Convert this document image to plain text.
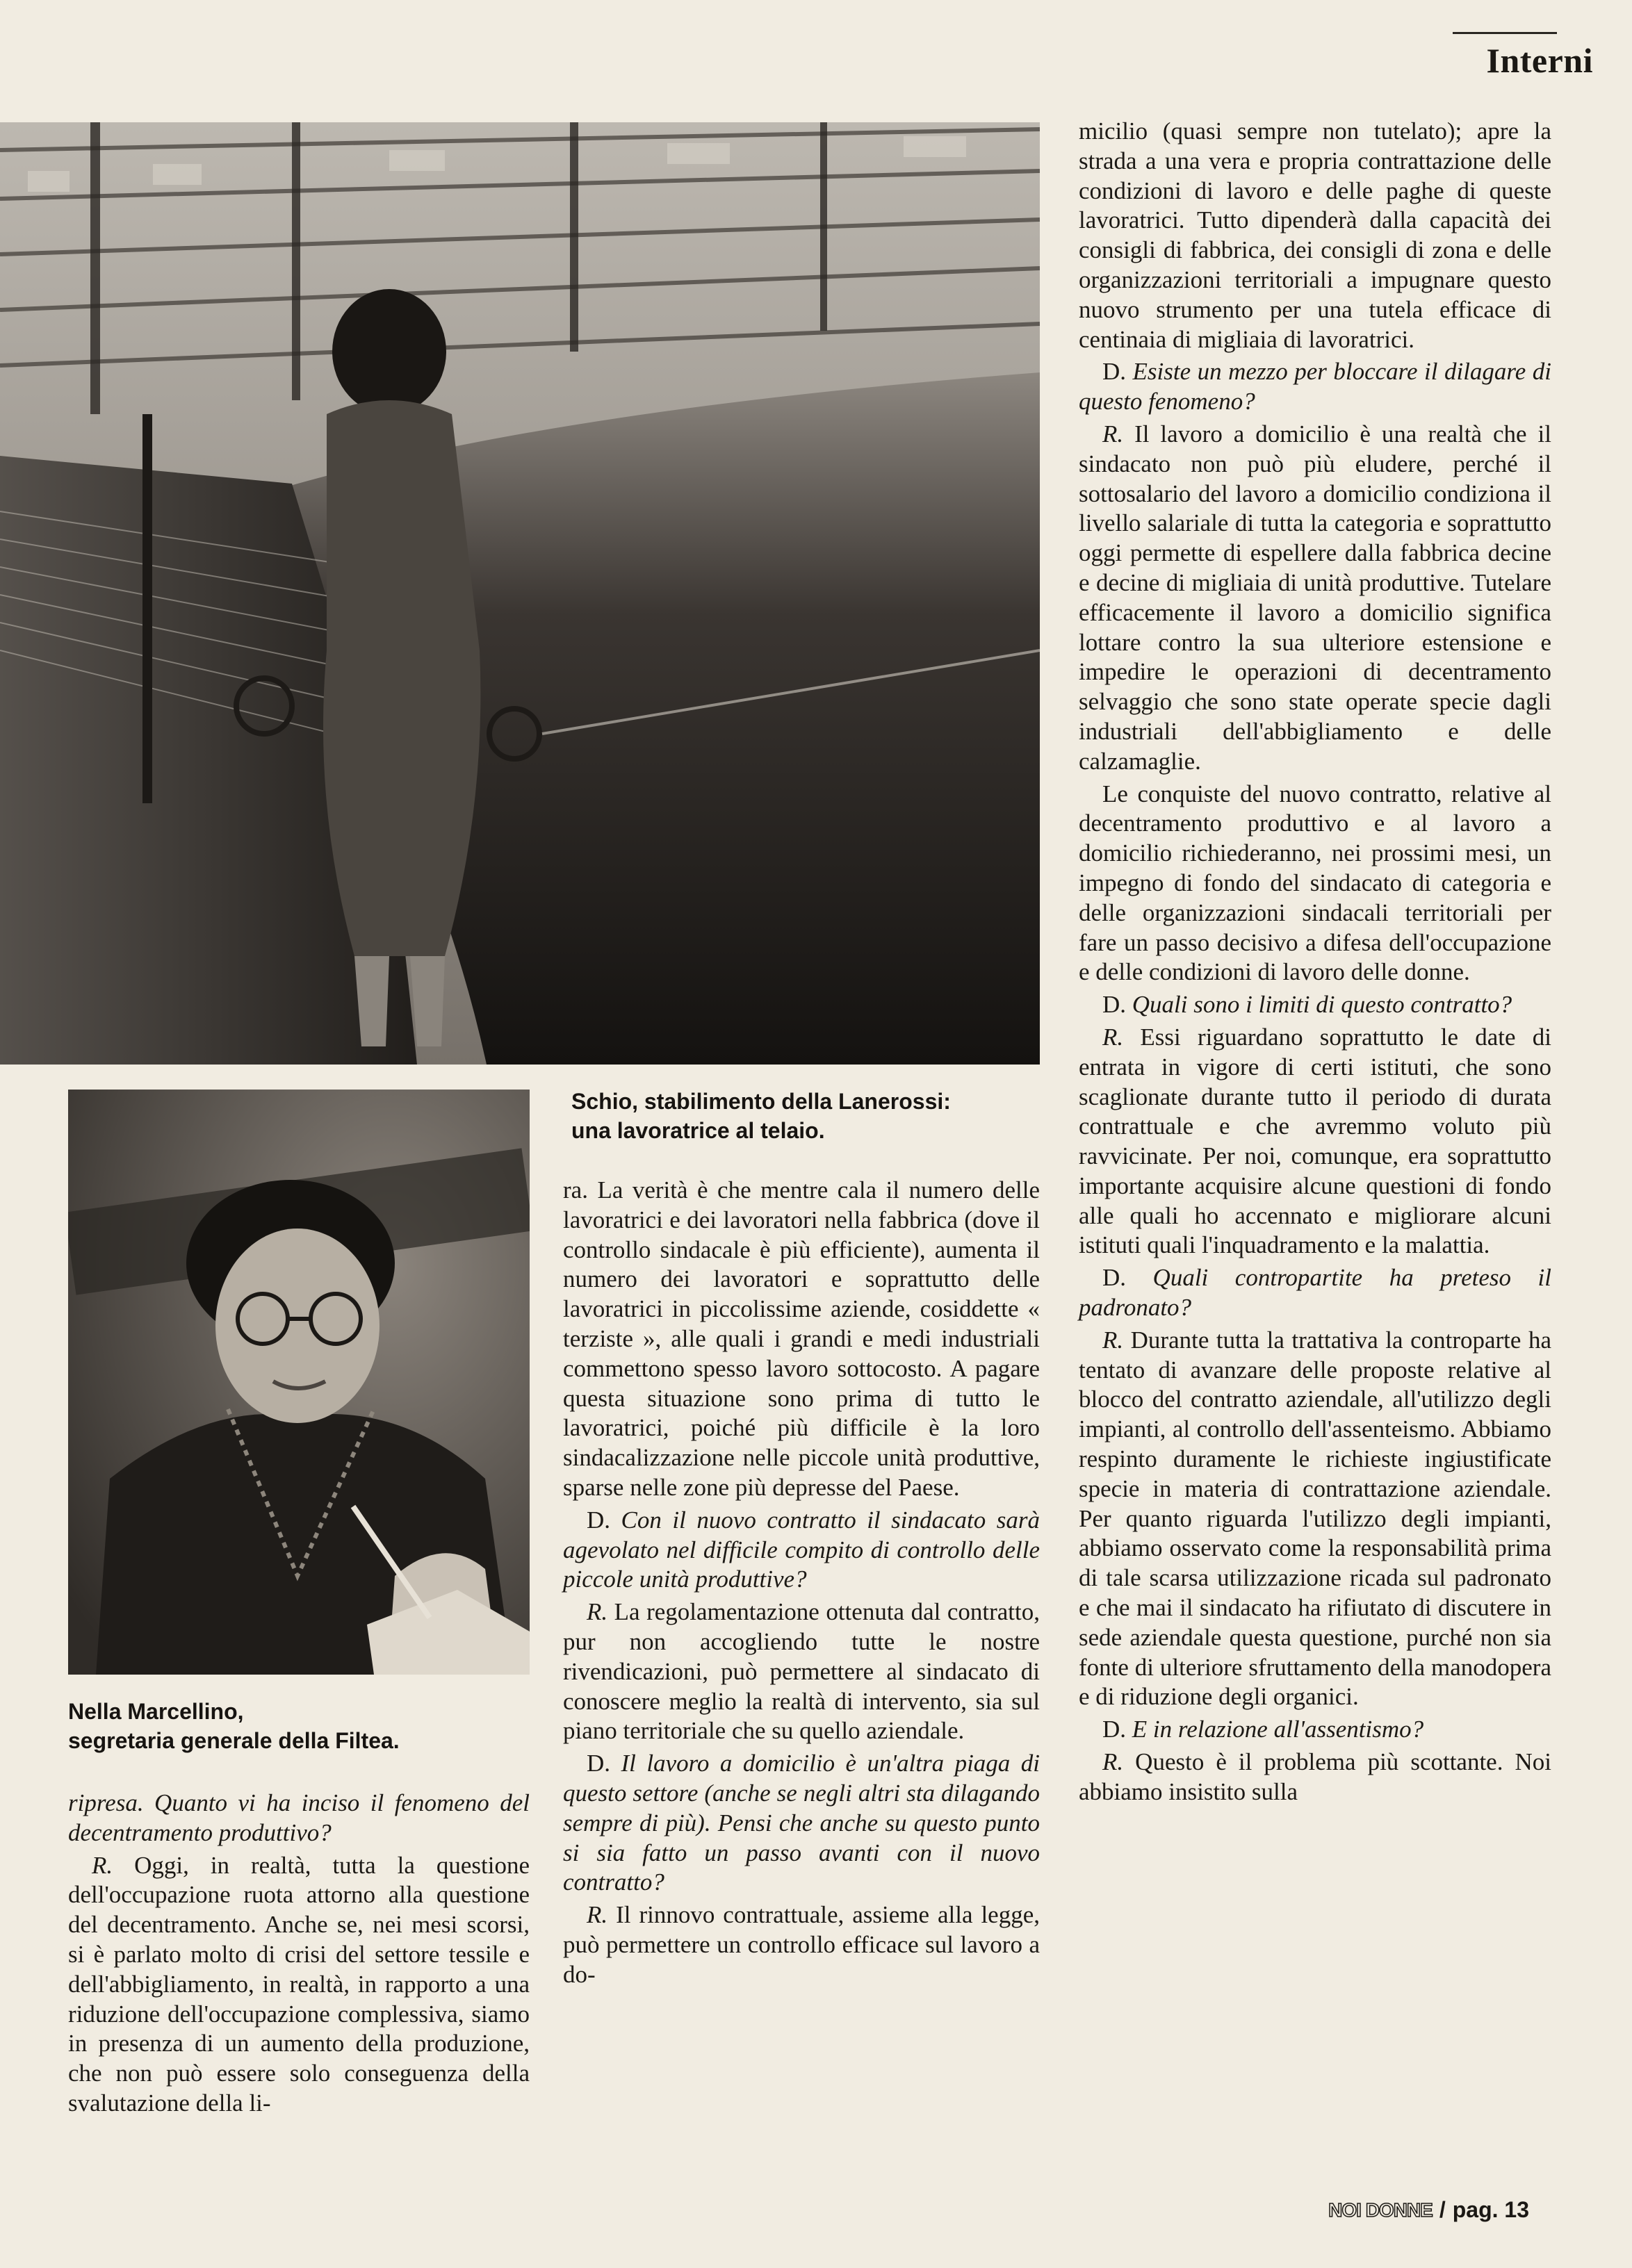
Interni
Schio, stabilimento della Lanerossi:
una lavoratrice al telaio.
Nella Marcellino,
segretaria generale della Filtea.

ripresa. Quanto vi ha inciso il fenomeno del decentramento produttivo?

R. Oggi, in realtà, tutta la questione dell'occupazione ruota attorno alla questione del decentramento. Anche se, nei mesi scorsi, si è parlato molto di crisi del settore tessile e dell'abbigliamento, in realtà, in rapporto a una riduzione dell'occupazione complessiva, siamo in presenza di un aumento della produzione, che non può essere solo conseguenza della svalutazione della li-

ra. La verità è che mentre cala il numero delle lavoratrici e dei lavoratori nella fabbrica (dove il controllo sindacale è più efficiente), aumenta il numero dei lavoratori e soprattutto delle lavoratrici in piccolissime aziende, cosiddette « terziste », alle quali i grandi e medi industriali commettono spesso lavoro sottocosto. A pagare questa situazione sono prima di tutto le lavoratrici, poiché più difficile è la loro sindacalizzazione nelle piccole unità produttive, sparse nelle zone più depresse del Paese.

D. Con il nuovo contratto il sindacato sarà agevolato nel difficile compito di controllo delle piccole unità produttive?

R. La regolamentazione ottenuta dal contratto, pur non accogliendo tutte le nostre rivendicazioni, può permettere al sindacato di conoscere meglio la realtà di intervento, sia sul piano territoriale che su quello aziendale.

D. Il lavoro a domicilio è un'altra piaga di questo settore (anche se negli altri sta dilagando sempre di più). Pensi che anche su questo punto si sia fatto un passo avanti con il nuovo contratto?

R. Il rinnovo contrattuale, assieme alla legge, può permettere un controllo efficace sul lavoro a do-

micilio (quasi sempre non tutelato); apre la strada a una vera e propria contrattazione delle condizioni di lavoro e delle paghe di queste lavoratrici. Tutto dipenderà dalla capacità dei consigli di fabbrica, dei consigli di zona e delle organizzazioni territoriali a impugnare questo nuovo strumento per una tutela efficace di centinaia di migliaia di lavoratrici.

D. Esiste un mezzo per bloccare il dilagare di questo fenomeno?

R. Il lavoro a domicilio è una realtà che il sindacato non può più eludere, perché il sottosalario del lavoro a domicilio condiziona il livello salariale di tutta la categoria e soprattutto oggi permette di espellere dalla fabbrica decine e decine di migliaia di unità produttive. Tutelare efficacemente il lavoro a domicilio significa lottare contro la sua ulteriore estensione e impedire le operazioni di decentramento selvaggio che sono state operate specie dagli industriali dell'abbigliamento e delle calzamaglie.

Le conquiste del nuovo contratto, relative al decentramento produttivo e al lavoro a domicilio richiederanno, nei prossimi mesi, un impegno di fondo del sindacato di categoria e delle organizzazioni sindacali territoriali per fare un passo decisivo a difesa dell'occupazione e delle condizioni di lavoro delle donne.

D. Quali sono i limiti di questo contratto?

R. Essi riguardano soprattutto le date di entrata in vigore di certi istituti, che sono scaglionate durante tutto il periodo di durata contrattuale e che avremmo voluto più ravvicinate. Per noi, comunque, era soprattutto importante acquisire alcune questioni di fondo alle quali ho accennato e migliorare alcuni istituti quali l'inquadramento e la malattia.

D. Quali contropartite ha preteso il padronato?

R. Durante tutta la trattativa la controparte ha tentato di avanzare delle proposte relative al blocco del contratto aziendale, all'utilizzo degli impianti, al controllo dell'assenteismo. Abbiamo respinto duramente le richieste ingiustificate specie in materia di contrattazione aziendale. Per quanto riguarda l'utilizzo degli impianti, abbiamo osservato come la responsabilità prima di tale scarsa utilizzazione ricada sul padronato e che mai il sindacato ha rifiutato di discutere in sede aziendale questa questione, purché non sia fonte di ulteriore sfruttamento della manodopera e di riduzione degli organici.

D. E in relazione all'assentismo?

R. Questo è il problema più scottante. Noi abbiamo insistito sulla

NOI DONNE / pag. 13
